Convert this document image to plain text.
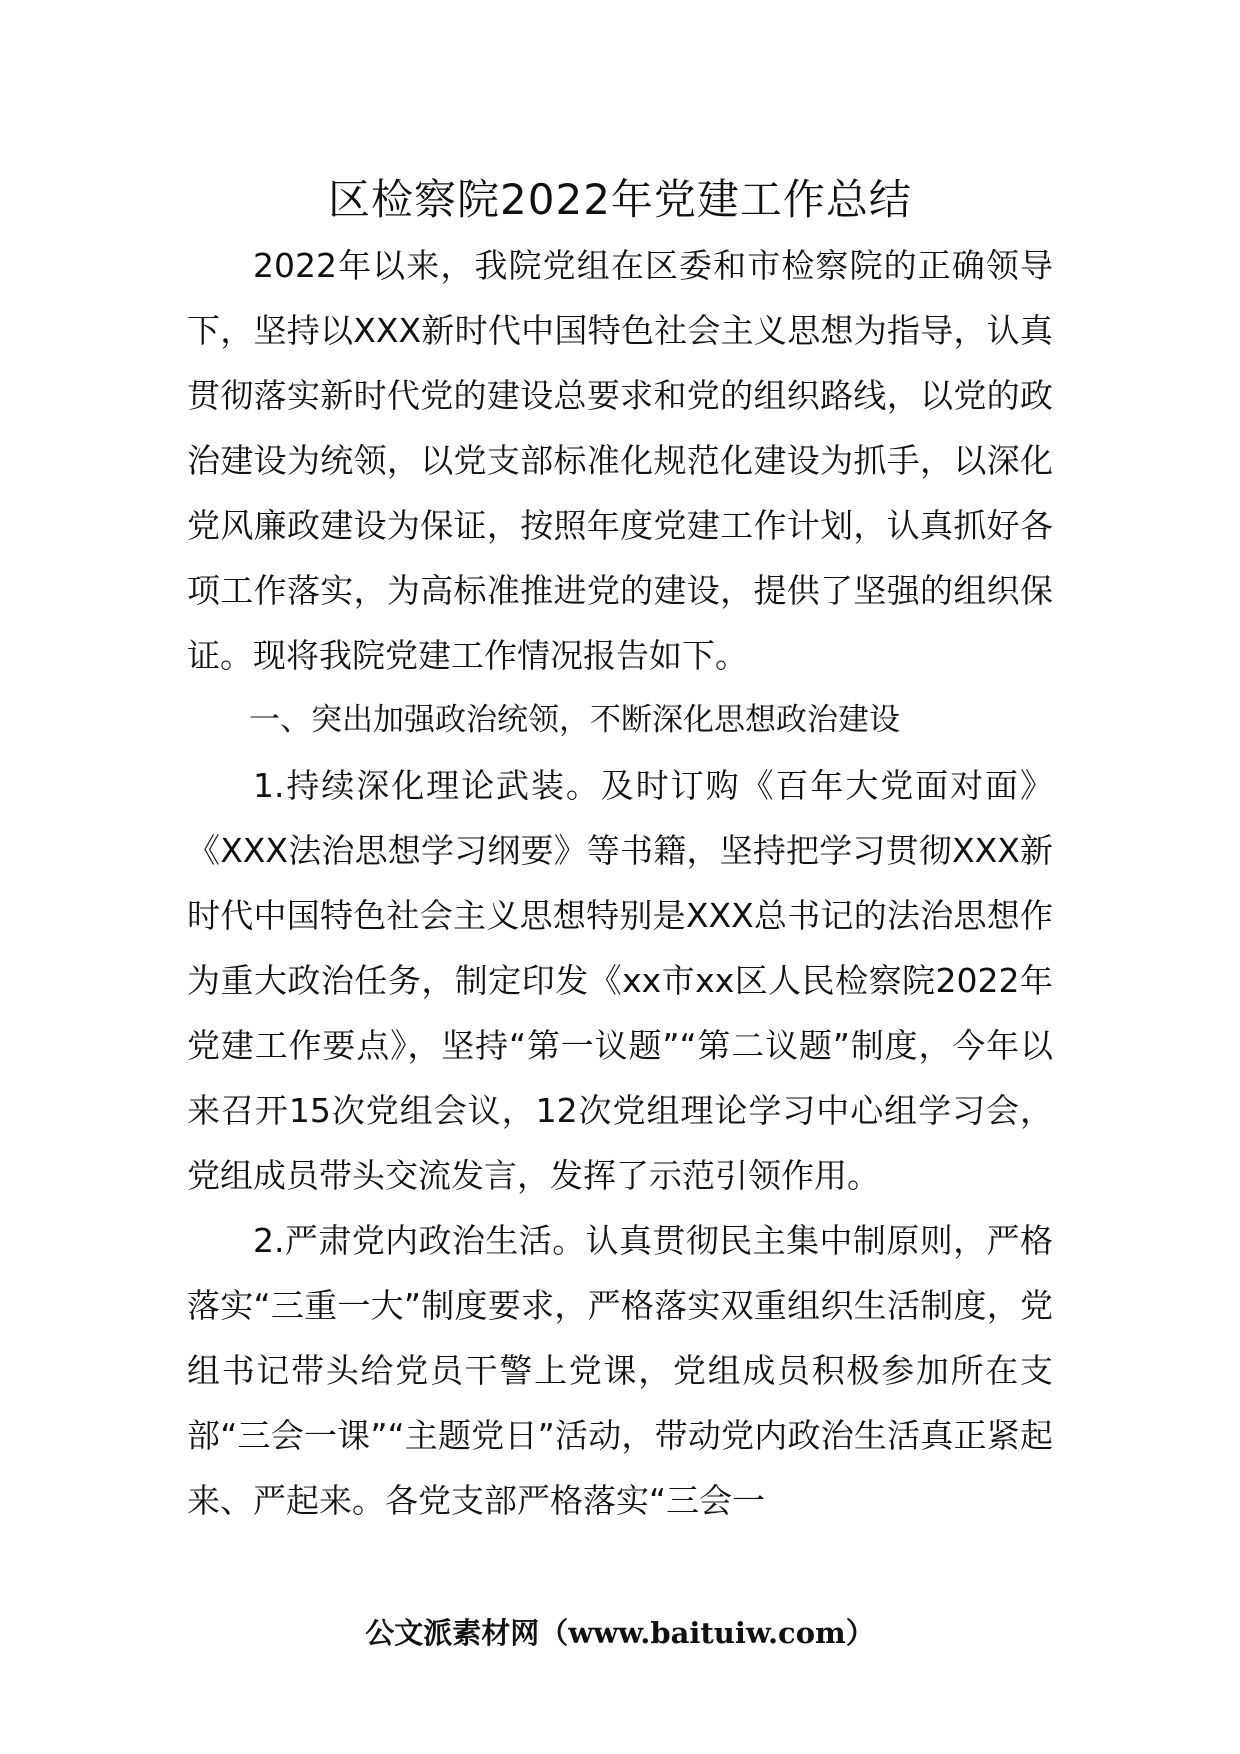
区检察院2022年党建工作总结

2022年以来，我院党组在区委和市检察院的正确领导下，坚持以XXX新时代中国特色社会主义思想为指导，认真贯彻落实新时代党的建设总要求和党的组织路线，以党的政治建设为统领，以党支部标准化规范化建设为抓手，以深化党风廉政建设为保证，按照年度党建工作计划，认真抓好各项工作落实，为高标准推进党的建设，提供了坚强的组织保证。现将我院党建工作情况报告如下。

一、突出加强政治统领，不断深化思想政治建设

1.持续深化理论武装。及时订购《百年大党面对面》《XXX法治思想学习纲要》等书籍，坚持把学习贯彻XXX新时代中国特色社会主义思想特别是XXX总书记的法治思想作为重大政治任务，制定印发《xx市xx区人民检察院2022年党建工作要点》，坚持“第一议题”“第二议题”制度，今年以来召开15次党组会议，12次党组理论学习中心组学习会，党组成员带头交流发言，发挥了示范引领作用。

2.严肃党内政治生活。认真贯彻民主集中制原则，严格落实“三重一大”制度要求，严格落实双重组织生活制度，党组书记带头给党员干警上党课，党组成员积极参加所在支部“三会一课”“主题党日”活动，带动党内政治生活真正紧起来、严起来。各党支部严格落实“三会一

公文派素材网（www.baituiw.com）
